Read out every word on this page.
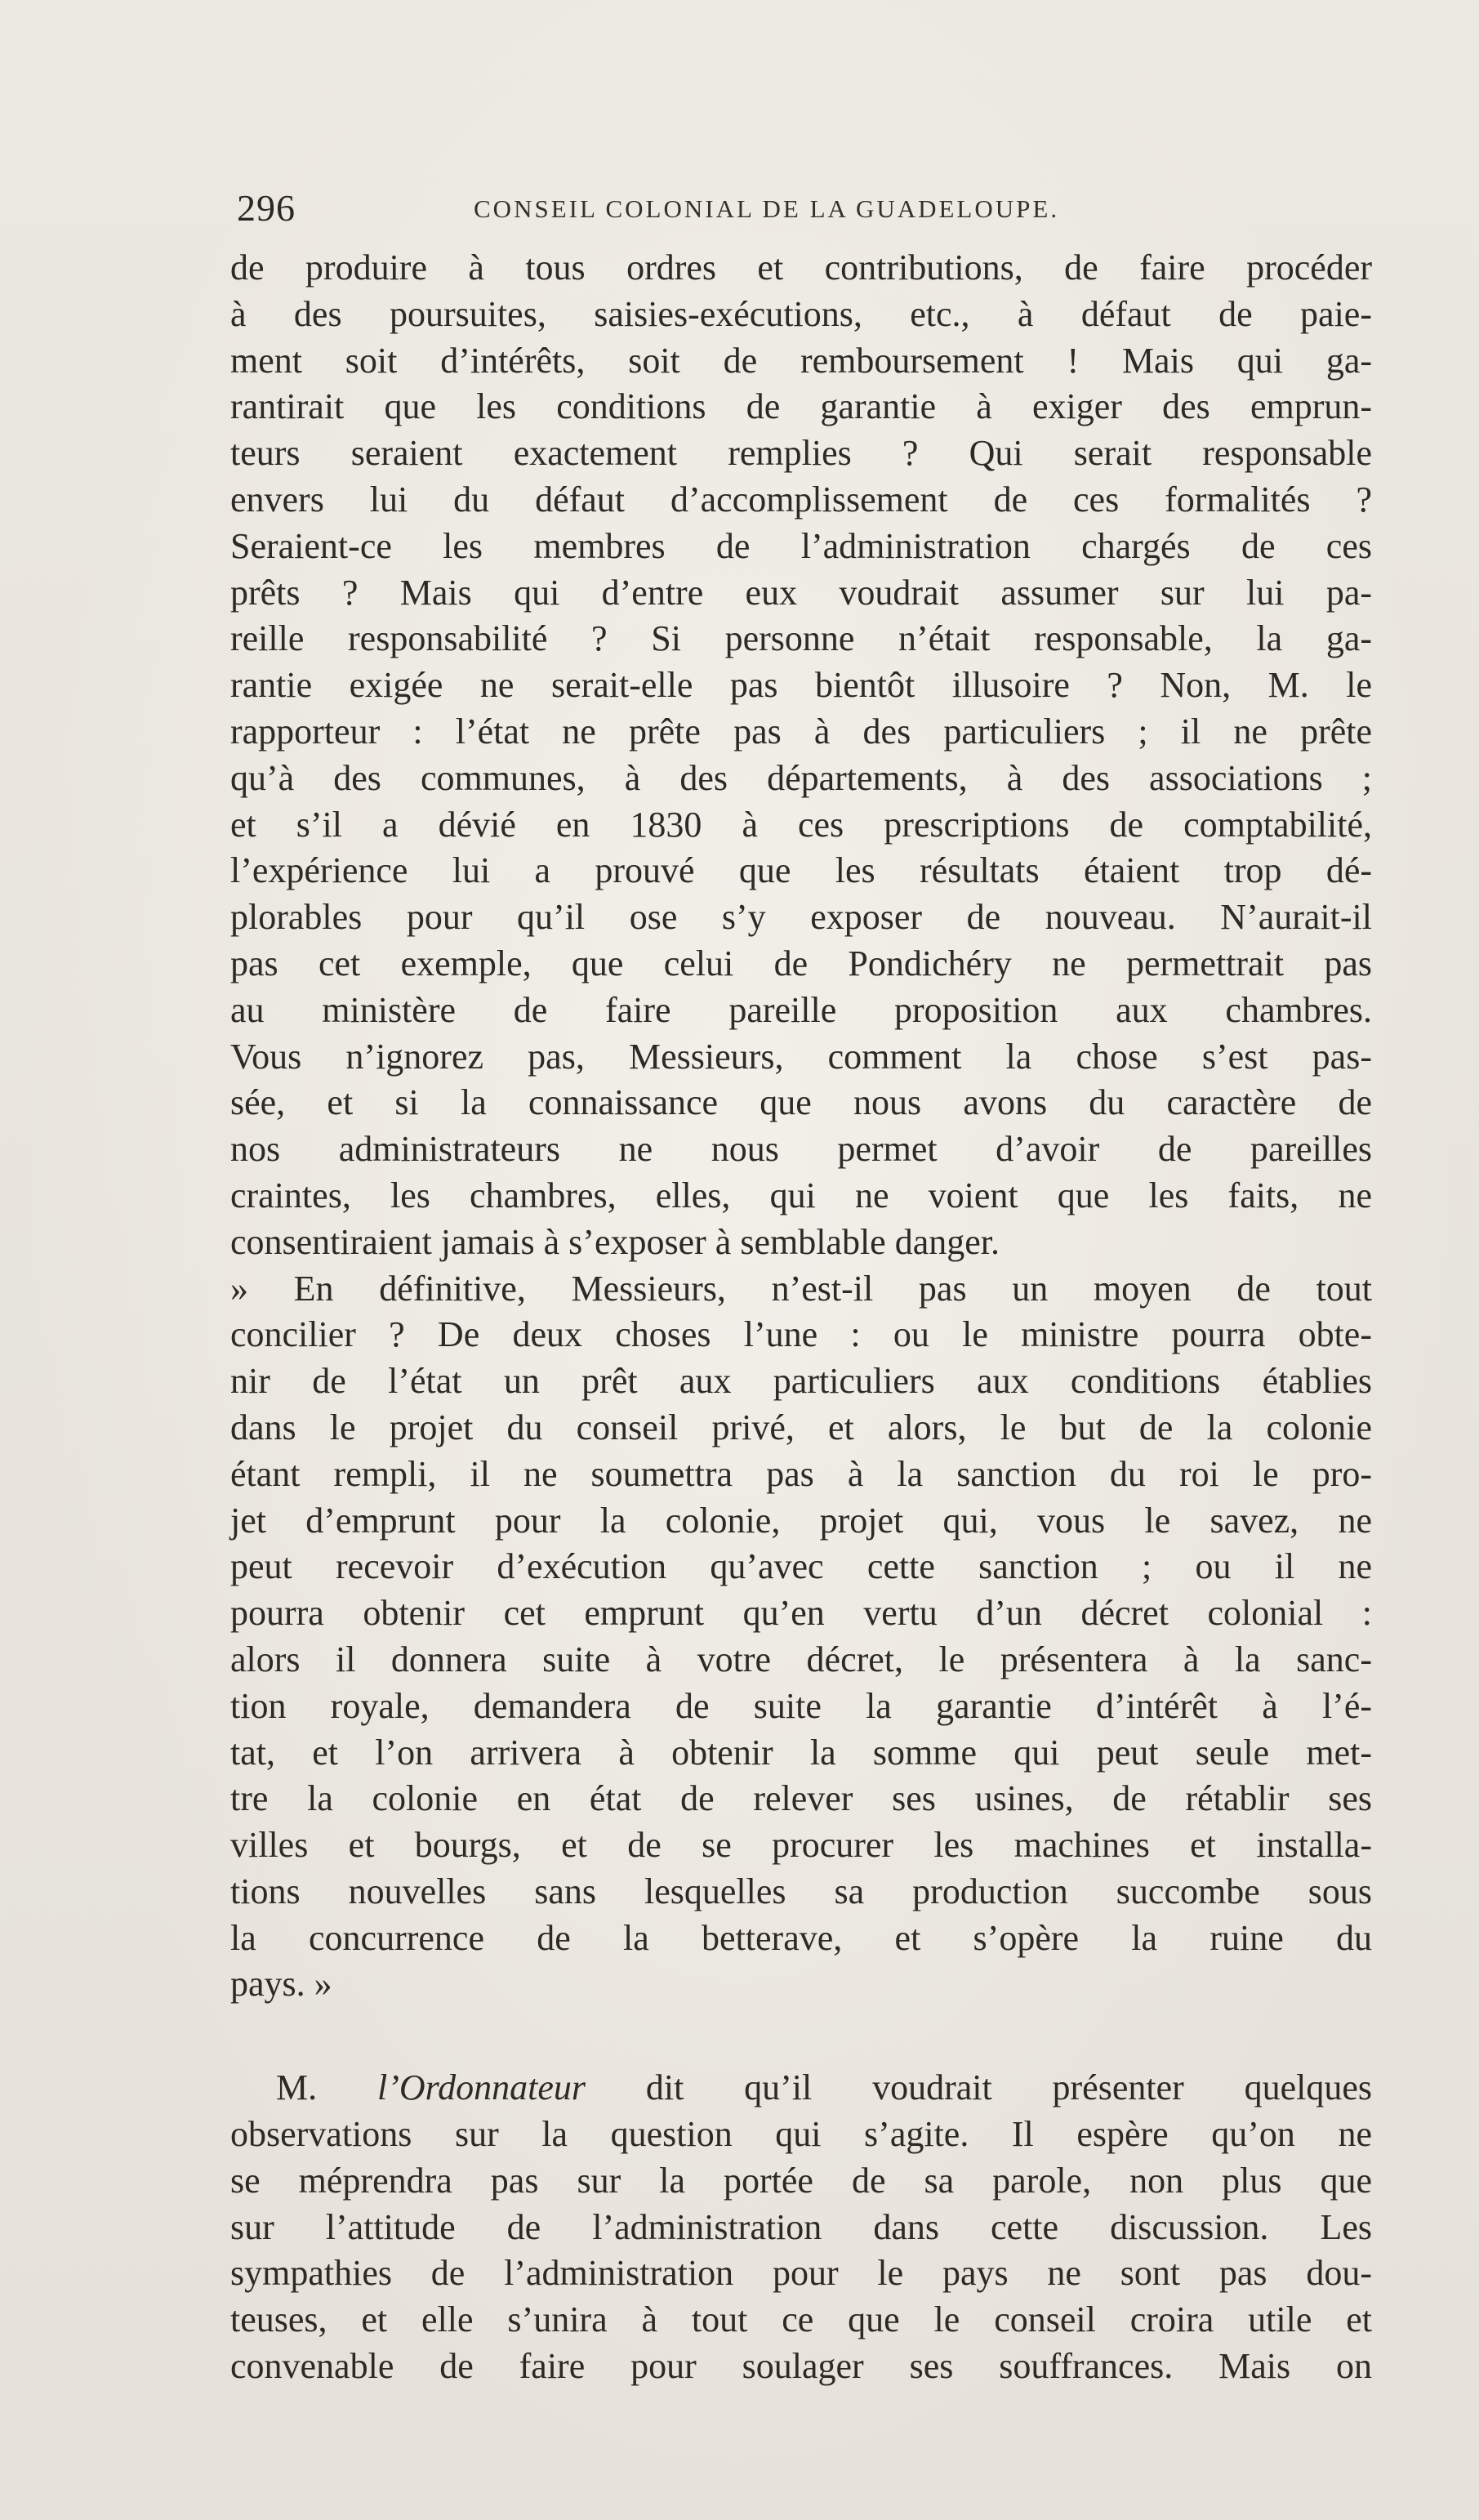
296	CONSEIL COLONIAL DE LA GUADELOUPE.
de produire à tous ordres et contributions, de faire procéder
à des poursuites, saisies-exécutions, etc., à défaut de paie-
ment soit d’intérêts, soit de remboursement ! Mais qui ga-
rantirait que les conditions de garantie à exiger des emprun-
teurs seraient exactement remplies ? Qui serait responsable
envers lui du défaut d’accomplissement de ces formalités ?
Seraient-ce les membres de l’administration chargés de ces
prêts ? Mais qui d’entre eux voudrait assumer sur lui pa-
reille responsabilité ? Si personne n’était responsable, la ga-
rantie exigée ne serait-elle pas bientôt illusoire ? Non, M. le
rapporteur : l’état ne prête pas à des particuliers ; il ne prête
qu’à des communes, à des départements, à des associations ;
et s’il a dévié en 1830 à ces prescriptions de comptabilité,
l’expérience lui a prouvé que les résultats étaient trop dé-
plorables pour qu’il ose s’y exposer de nouveau. N’aurait-il
pas cet exemple, que celui de Pondichéry ne permettrait pas
au ministère de faire pareille proposition aux chambres.
Vous n’ignorez pas, Messieurs, comment la chose s’est pas-
sée, et si la connaissance que nous avons du caractère de
nos administrateurs ne nous permet d’avoir de pareilles
craintes, les chambres, elles, qui ne voient que les faits, ne
consentiraient jamais à s’exposer à semblable danger.
» En définitive, Messieurs, n’est-il pas un moyen de tout
concilier ? De deux choses l’une : ou le ministre pourra obte-
nir de l’état un prêt aux particuliers aux conditions établies
dans le projet du conseil privé, et alors, le but de la colonie
étant rempli, il ne soumettra pas à la sanction du roi le pro-
jet d’emprunt pour la colonie, projet qui, vous le savez, ne
peut recevoir d’exécution qu’avec cette sanction ; ou il ne
pourra obtenir cet emprunt qu’en vertu d’un décret colonial :
alors il donnera suite à votre décret, le présentera à la sanc-
tion royale, demandera de suite la garantie d’intérêt à l’é-
tat, et l’on arrivera à obtenir la somme qui peut seule met-
tre la colonie en état de relever ses usines, de rétablir ses
villes et bourgs, et de se procurer les machines et installa-
tions nouvelles sans lesquelles sa production succombe sous
la concurrence de la betterave, et s’opère la ruine du
pays. »
M. l’Ordonnateur dit qu’il voudrait présenter quelques
observations sur la question qui s’agite. Il espère qu’on ne
se méprendra pas sur la portée de sa parole, non plus que
sur l’attitude de l’administration dans cette discussion. Les
sympathies de l’administration pour le pays ne sont pas dou-
teuses, et elle s’unira à tout ce que le conseil croira utile et
convenable de faire pour soulager ses souffrances. Mais on
